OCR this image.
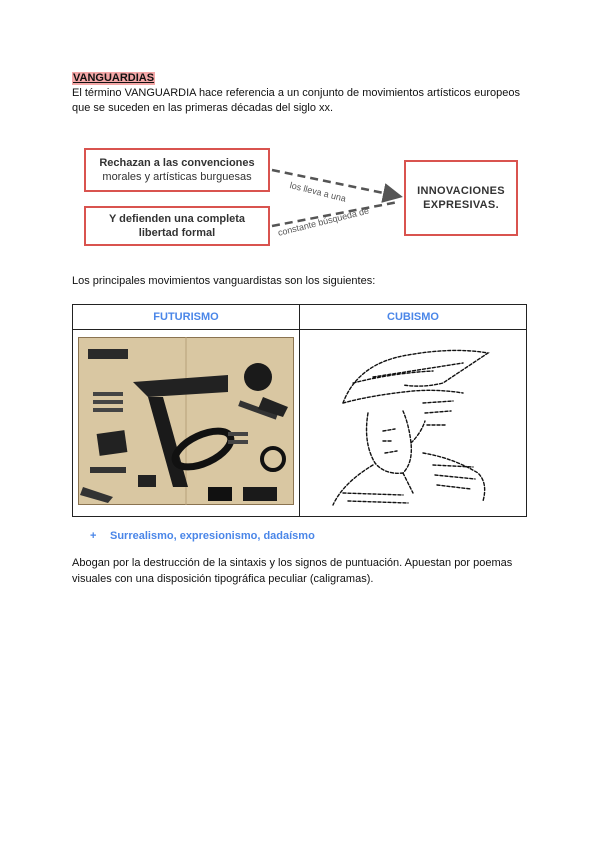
VANGUARDIAS
El término VANGUARDIA hace referencia a un conjunto de movimientos artísticos europeos que se suceden en las primeras décadas del siglo xx.
Rechazan a las convenciones
morales y artísticas burguesas
Y defienden una completa
libertad formal
INNOVACIONES
EXPRESIVAS.
los lleva a una
constante búsqueda de
Los principales movimientos vanguardistas son los siguientes:
FUTURISMO	CUBISMO

+ Surrealismo, expresionismo, dadaísmo
Abogan por la destrucción de la sintaxis y los signos de puntuación. Apuestan por poemas visuales con una disposición tipográfica peculiar (caligramas).
